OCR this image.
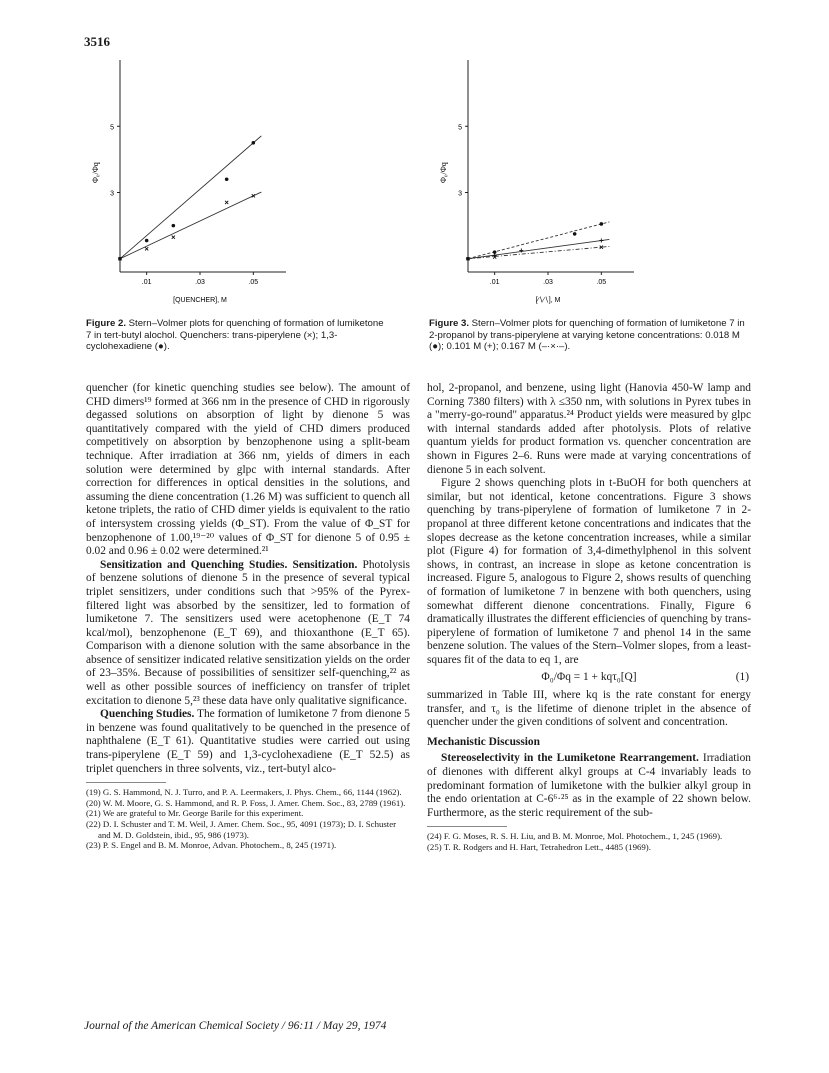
3516
5
3
.01	.03	.05
[QUENCHER], M
Φ₀/Φq
Figure 2. Stern–Volmer plots for quenching of formation of lumiketone 7 in tert-butyl alochol. Quenchers: trans-piperylene (×); 1,3-cyclohexadiene (●).
5
3
.01	.03	.05
[∕∖∕∖], M
Φ₀/Φq
Figure 3. Stern–Volmer plots for quenching of formation of lumiketone 7 in 2-propanol by trans-piperylene at varying ketone concentrations: 0.018 M (●); 0.101 M (+); 0.167 M (–·×·–).

quencher (for kinetic quenching studies see below). The amount of CHD dimers¹⁹ formed at 366 nm in the presence of CHD in rigorously degassed solutions on absorption of light by dienone 5 was quantitatively compared with the yield of CHD dimers produced competitively on absorption by benzophenone using a split-beam technique. After irradiation at 366 nm, yields of dimers in each solution were determined by glpc with internal standards. After correction for differences in optical densities in the solutions, and assuming the diene concentration (1.26 M) was sufficient to quench all ketone triplets, the ratio of CHD dimer yields is equivalent to the ratio of intersystem crossing yields (Φ_ST). From the value of Φ_ST for benzophenone of 1.00,¹⁹⁻²⁰ values of Φ_ST for dienone 5 of 0.95 ± 0.02 and 0.96 ± 0.02 were determined.²¹

Sensitization and Quenching Studies. Sensitization. Photolysis of benzene solutions of dienone 5 in the presence of several typical triplet sensitizers, under conditions such that >95% of the Pyrex-filtered light was absorbed by the sensitizer, led to formation of lumiketone 7. The sensitizers used were acetophenone (E_T 74 kcal/mol), benzophenone (E_T 69), and thioxanthone (E_T 65). Comparison with a dienone solution with the same absorbance in the absence of sensitizer indicated relative sensitization yields on the order of 23–35%. Because of possibilities of sensitizer self-quenching,²² as well as other possible sources of inefficiency on transfer of triplet excitation to dienone 5,²³ these data have only qualitative significance.

Quenching Studies. The formation of lumiketone 7 from dienone 5 in benzene was found qualitatively to be quenched in the presence of naphthalene (E_T 61). Quantitative studies were carried out using trans-piperylene (E_T 59) and 1,3-cyclohexadiene (E_T 52.5) as triplet quenchers in three solvents, viz., tert-butyl alco-

(19) G. S. Hammond, N. J. Turro, and P. A. Leermakers, J. Phys. Chem., 66, 1144 (1962).

(20) W. M. Moore, G. S. Hammond, and R. P. Foss, J. Amer. Chem. Soc., 83, 2789 (1961).

(21) We are grateful to Mr. George Barile for this experiment.

(22) D. I. Schuster and T. M. Weil, J. Amer. Chem. Soc., 95, 4091 (1973); D. I. Schuster and M. D. Goldstein, ibid., 95, 986 (1973).

(23) P. S. Engel and B. M. Monroe, Advan. Photochem., 8, 245 (1971).

hol, 2-propanol, and benzene, using light (Hanovia 450-W lamp and Corning 7380 filters) with λ ≤350 nm, with solutions in Pyrex tubes in a "merry-go-round" apparatus.²⁴ Product yields were measured by glpc with internal standards added after photolysis. Plots of relative quantum yields for product formation vs. quencher concentration are shown in Figures 2–6. Runs were made at varying concentrations of dienone 5 in each solvent.

Figure 2 shows quenching plots in t-BuOH for both quenchers at similar, but not identical, ketone concentrations. Figure 3 shows quenching by trans-piperylene of formation of lumiketone 7 in 2-propanol at three different ketone concentrations and indicates that the slopes decrease as the ketone concentration increases, while a similar plot (Figure 4) for formation of 3,4-dimethylphenol in this solvent shows, in contrast, an increase in slope as ketone concentration is increased. Figure 5, analogous to Figure 2, shows results of quenching of formation of lumiketone 7 in benzene with both quenchers, using somewhat different dienone concentrations. Finally, Figure 6 dramatically illustrates the different efficiencies of quenching by trans-piperylene of formation of lumiketone 7 and phenol 14 in the same benzene solution. The values of the Stern–Volmer slopes, from a least-squares fit of the data to eq 1, are

Φ₀/Φq = 1 + kqτ₀[Q]	(1)

summarized in Table III, where kq is the rate constant for energy transfer, and τ₀ is the lifetime of dienone triplet in the absence of quencher under the given conditions of solvent and concentration.

Mechanistic Discussion

Stereoselectivity in the Lumiketone Rearrangement. Irradiation of dienones with different alkyl groups at C-4 invariably leads to predominant formation of lumiketone with the bulkier alkyl group in the endo orientation at C-6⁶·²⁵ as in the example of 22 shown below. Furthermore, as the steric requirement of the sub-

(24) F. G. Moses, R. S. H. Liu, and B. M. Monroe, Mol. Photochem., 1, 245 (1969).

(25) T. R. Rodgers and H. Hart, Tetrahedron Lett., 4485 (1969).

Journal of the American Chemical Society / 96:11 / May 29, 1974
